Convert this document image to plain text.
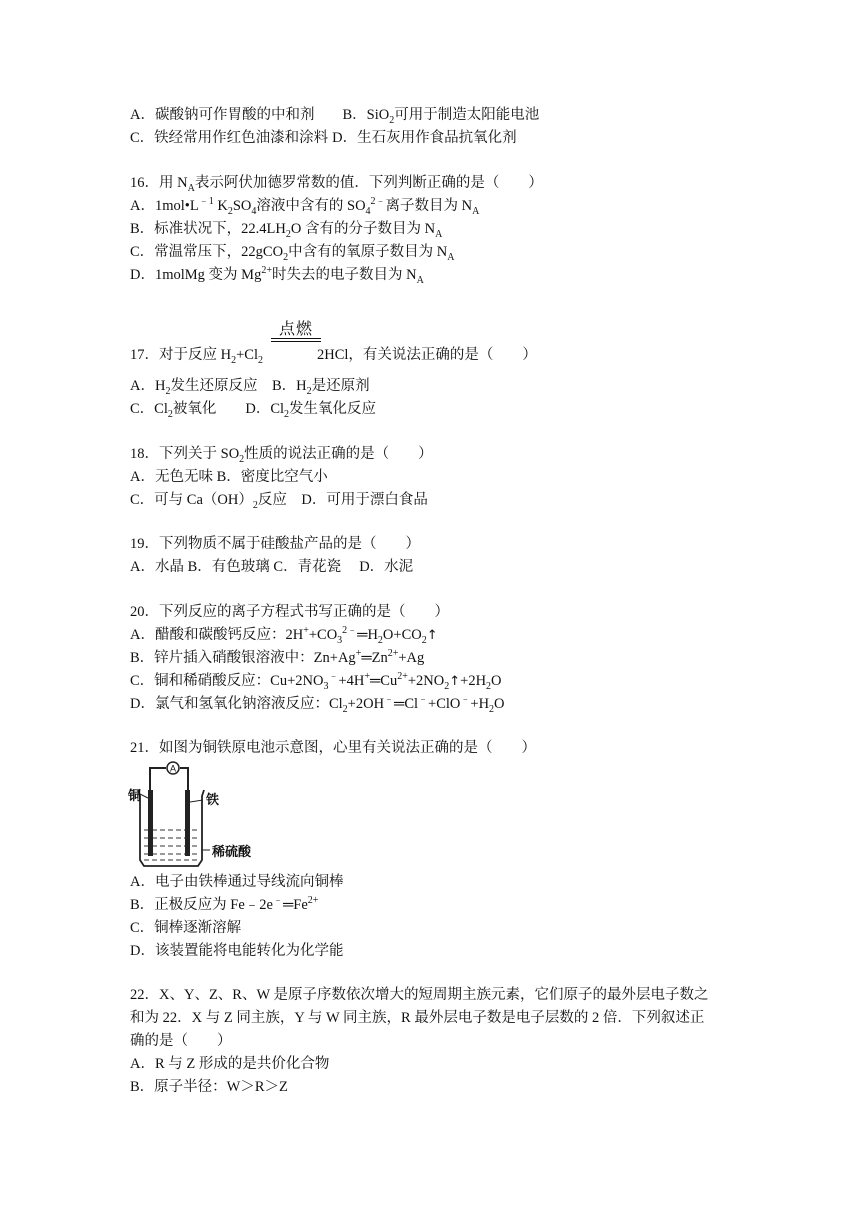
A．碳酸钠可作胃酸的中和剂 B．SiO$_2$可用于制造太阳能电池
C．铁经常用作红色油漆和涂料 D．生石灰用作食品抗氧化剂
16．用 $N_A$表示阿伏加德罗常数的值．下列判断正确的是（　　）
A．$1mol•L^{﹣1}$ $K_2SO_4$溶液中含有的 $SO_4^{2﹣}$离子数目为 $N_A$
B．标准状况下，$22.4LH_2O$ 含有的分子数目为 $N_A$
C．常温常压下，22gCO$_2$中含有的氧原子数目为 $N_A$
D．1molMg 变为 $Mg^{2+}$时失去的电子数目为 $N_A$
点燃
17．对于反应 $H_2+Cl_2$	2HCl，有关说法正确的是（　　）
A．$H_2$发生还原反应　B．$H_2$是还原剂
C．$Cl_2$被氧化　　D．$Cl_2$发生氧化反应
18．下列关于 $SO_2$性质的说法正确的是（　　）
A．无色无味 B．密度比空气小
C．可与 $Ca(OH)_2$反应　D．可用于漂白食品
19．下列物质不属于硅酸盐产品的是（　　）
A．水晶 B．有色玻璃 C．青花瓷　 D．水泥
20．下列反应的离子方程式书写正确的是（　　）
A．醋酸和碳酸钙反应：$2H^++CO_3^{2﹣}═H_2O+CO_2↑$
B．锌片插入硝酸银溶液中：$Zn+Ag^+═Zn^{2+}+Ag$
C．铜和稀硝酸反应：$Cu+2NO_3^﹣+4H^+═Cu^{2+}+2NO_2↑+2H_2O$
D．氯气和氢氧化钠溶液反应：$Cl_2+2OH^﹣═Cl^﹣+ClO^﹣+H_2O$
21．如图为铜铁原电池示意图，心里有关说法正确的是（　　）
A
铜	铁
稀硫酸
A．电子由铁棒通过导线流向铜棒
B．正极反应为 $Fe﹣2e^﹣═Fe^{2+}$
C．铜棒逐渐溶解
D．该装置能将电能转化为化学能
22．X、Y、Z、R、W 是原子序数依次增大的短周期主族元素，它们原子的最外层电子数之
和为 22．X 与 Z 同主族，Y 与 W 同主族，R 最外层电子数是电子层数的 2 倍．下列叙述正
确的是（　　）
A．R 与 Z 形成的是共价化合物
B．原子半径：W＞R＞Z
